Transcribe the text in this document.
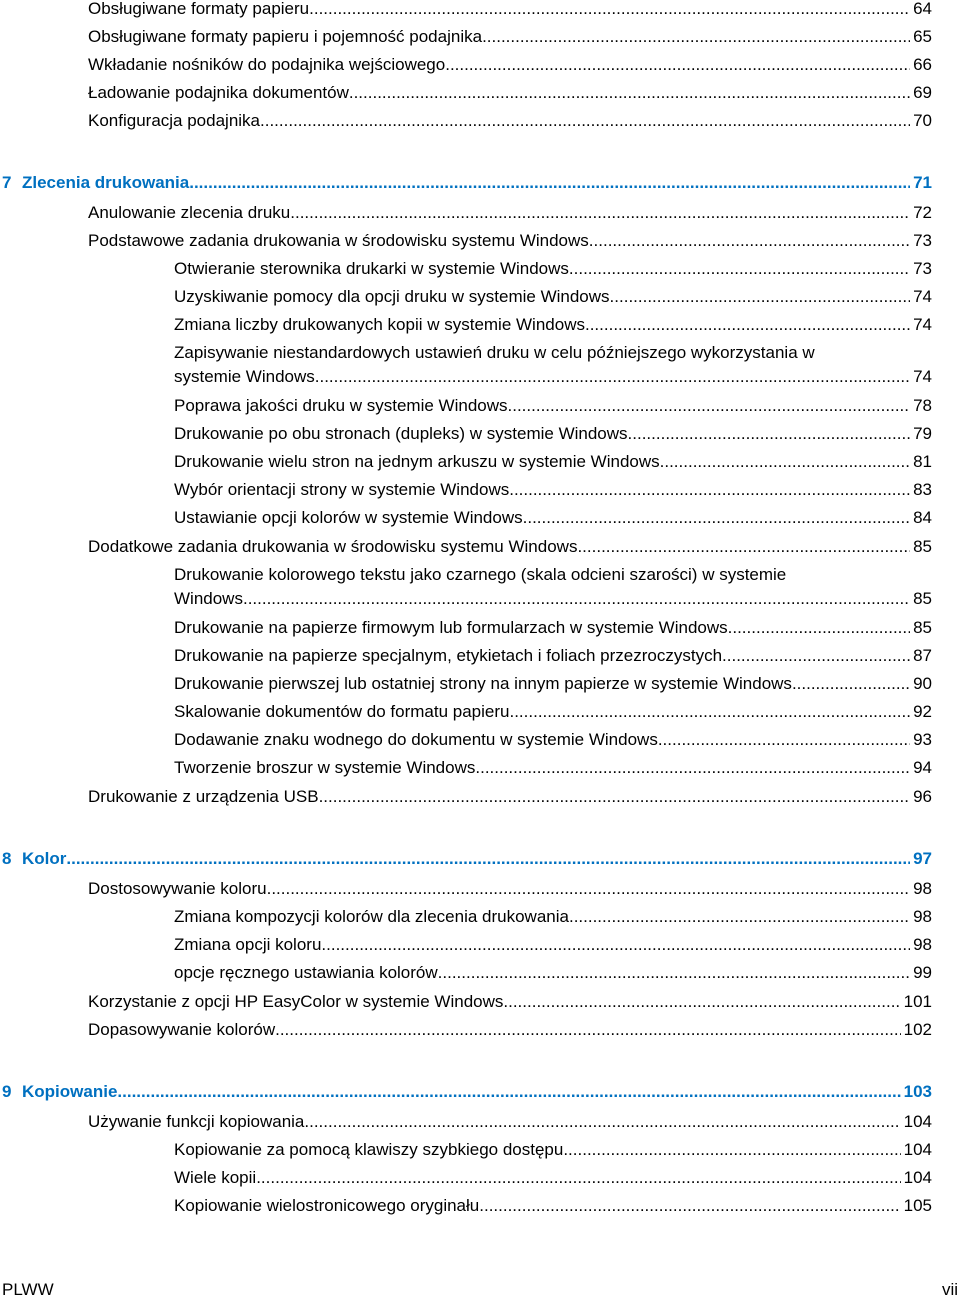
Obsługiwane formaty papieru .....	64
Obsługiwane formaty papieru i pojemność podajnika .....	65
Wkładanie nośników do podajnika wejściowego .....	66
Ładowanie podajnika dokumentów .....	69
Konfiguracja podajnika .....	70
7 Zlecenia drukowania .....	71
Anulowanie zlecenia druku .....	72
Podstawowe zadania drukowania w środowisku systemu Windows .....	73
Otwieranie sterownika drukarki w systemie Windows .....	73
Uzyskiwanie pomocy dla opcji druku w systemie Windows .....	74
Zmiana liczby drukowanych kopii w systemie Windows .....	74
Zapisywanie niestandardowych ustawień druku w celu późniejszego wykorzystania w
systemie Windows .....	74
Poprawa jakości druku w systemie Windows .....	78
Drukowanie po obu stronach (dupleks) w systemie Windows .....	79
Drukowanie wielu stron na jednym arkuszu w systemie Windows .....	81
Wybór orientacji strony w systemie Windows .....	83
Ustawianie opcji kolorów w systemie Windows .....	84
Dodatkowe zadania drukowania w środowisku systemu Windows .....	85
Drukowanie kolorowego tekstu jako czarnego (skala odcieni szarości) w systemie
Windows .....	85
Drukowanie na papierze firmowym lub formularzach w systemie Windows .....	85
Drukowanie na papierze specjalnym, etykietach i foliach przezroczystych .....	87
Drukowanie pierwszej lub ostatniej strony na innym papierze w systemie Windows .....	90
Skalowanie dokumentów do formatu papieru .....	92
Dodawanie znaku wodnego do dokumentu w systemie Windows .....	93
Tworzenie broszur w systemie Windows .....	94
Drukowanie z urządzenia USB .....	96
8 Kolor .....	97
Dostosowywanie koloru .....	98
Zmiana kompozycji kolorów dla zlecenia drukowania .....	98
Zmiana opcji koloru .....	98
opcje ręcznego ustawiania kolorów .....	99
Korzystanie z opcji HP EasyColor w systemie Windows .....	101
Dopasowywanie kolorów .....	102
9 Kopiowanie .....	103
Używanie funkcji kopiowania .....	104
Kopiowanie za pomocą klawiszy szybkiego dostępu .....	104
Wiele kopii .....	104
Kopiowanie wielostronicowego oryginału .....	105
PLWW	vii
